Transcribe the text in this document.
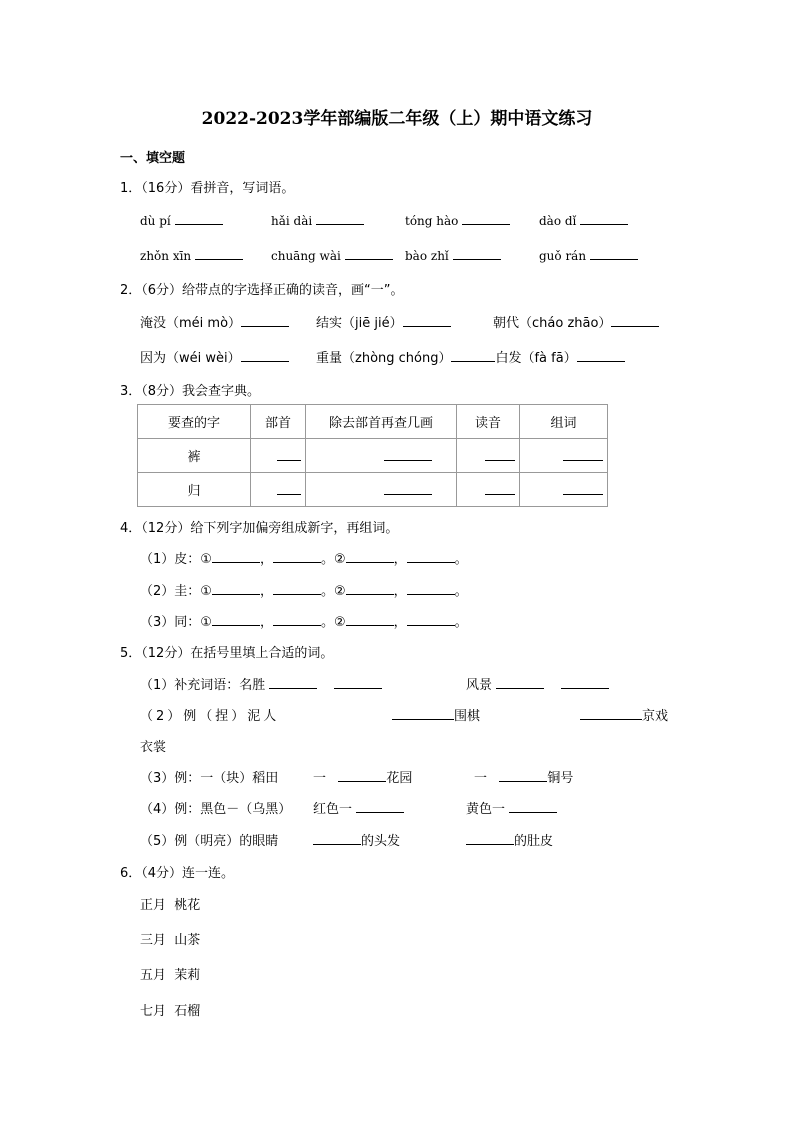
2022-2023学年部编版二年级（上）期中语文练习
一、填空题
1．（16分）看拼音，写词语。
dù pí	hǎi dài	tóng hào	dào dǐ
zhǒn xīn	chuāng wài	bào zhǐ	guǒ rán
2．（6分）给带点的字选择正确的读音，画“一”。
淹没（méi mò）	结实（jiē jié）	朝代（cháo zhāo）
因为（wéi wèi）	重量（zhòng chóng）	白发（fà fā）
3．（8分）我会查字典。
要查的字	部首	除去部首再查几画	读音	组词
裤				
归				
4．（12分）给下列字加偏旁组成新字，再组词。
（1）皮：①	，	。②	，	。
（2）圭：①	，	。②	，	。
（3）同：①	，	。②	，	。
5．（12分）在括号里填上合适的词。
（1）补充词语：名胜	风景
（2）例（捏）泥人	围棋	京戏
衣裳
（3）例：一（块）稻田	一	花园	一	铜号
（4）例：黑色－（乌黑） 红色一	黄色一
（5）例（明亮）的眼睛	的头发	的肚皮
6．（4分）连一连。
正月 桃花
三月 山茶
五月 茉莉
七月 石榴
